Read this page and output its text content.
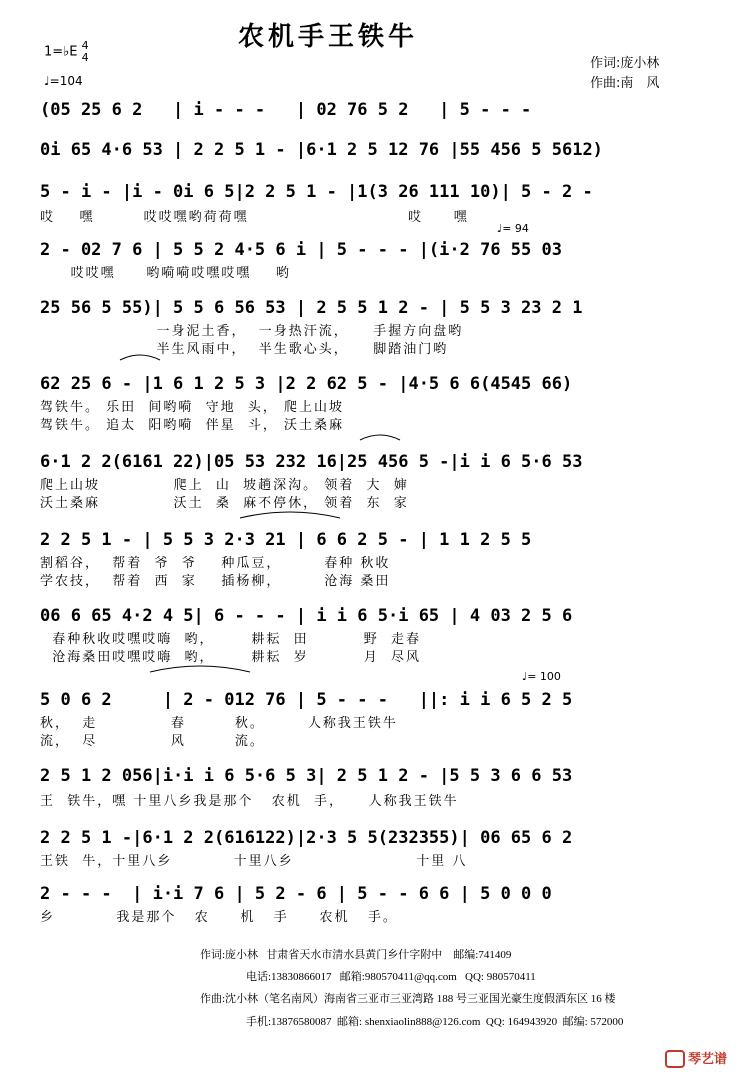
农机手王铁牛
1=♭E 4
4
♩=104
作词:庞小林
作曲:南　风
♩= 94
♩= 100
(05 25 6 2   | i - - -   | 02 76 5 2   | 5 - - -
0i 65 4·6 53 | 2 2 5 1 - |6·1 2 5 12 76 |55 456 5 5612)
5 - i - |i - 0i 6 5|2 2 5 1 - |1(3 26 111 10)| 5 - 2 -
哎    嘿        哎哎嘿哟荷荷嘿                          哎     嘿
2 - 02 7 6 | 5 5 2 4·5 6 i | 5 - - - |(i·2 76 55 03
哎哎嘿     哟嗬嗬哎嘿哎嘿    哟
25 56 5 55)| 5 5 6 56 53 | 2 5 5 1 2 - | 5 5 3 23 2 1
一身泥土香，  一身热汗流，    手握方向盘哟
半生风雨中，  半生歌心头，    脚踏油门哟
62 25 6 - |1 6 1 2 5 3 |2 2 62 5 - |4·5 6 6(4545 66)
驾铁牛。 乐田  间哟嗬  守地  头， 爬上山坡
驾铁牛。 追太  阳哟嗬  伴星  斗， 沃土桑麻
6·1 2 2(6161 22)|05 53 232 16|25 456 5 -|i i 6 5·6 53
爬上山坡            爬上  山  坡趟深沟。 领着  大  婶
沃土桑麻            沃土  桑  麻不停休， 领着  东  家
2 2 5 1 - | 5 5 3 2·3 21 | 6 6 2 5 - | 1 1 2 5 5
割稻谷，  帮着  爷  爷    种瓜豆，       春种 秋收
学农技，  帮着  西  家    插杨柳，       沧海 桑田
06 6 65 4·2 4 5| 6 - - - | i i 6 5·i 65 | 4 03 2 5 6
春种秋收哎嘿哎嗨  哟，      耕耘  田         野  走春
沧海桑田哎嘿哎嗨  哟，      耕耘  岁         月  尽风
5 0 6 2     | 2 - 012 76 | 5 - - -   ||: i i 6 5 2 5
秋，  走            春        秋。       人称我王铁牛
流，  尽            风        流。
2 5 1 2 056|i·i i 6 5·6 5 3| 2 5 1 2 - |5 5 3 6 6 53
王  铁牛，嘿 十里八乡我是那个   农机  手，    人称我王铁牛
2 2 5 1 -|6·1 2 2(616122)|2·3 5 5(232355)| 06 65 6 2
王铁  牛，十里八乡          十里八乡                    十里 八
2 - - -  | i·i 7 6 | 5 2 - 6 | 5 - - 6 6 | 5 0 0 0
乡          我是那个   农     机   手     农机   手。
作词:庞小林   甘肃省天水市清水县黄门乡什字附中    邮编:741409
电话:13830866017   邮箱:980570411@qq.com   QQ: 980570411
作曲:沈小林（笔名南风）海南省三亚市三亚湾路 188 号三亚国光豪生度假酒东区 16 楼
手机:13876580087  邮箱: shenxiaolin888@126.com  QQ: 164943920  邮编: 572000
琴艺谱
